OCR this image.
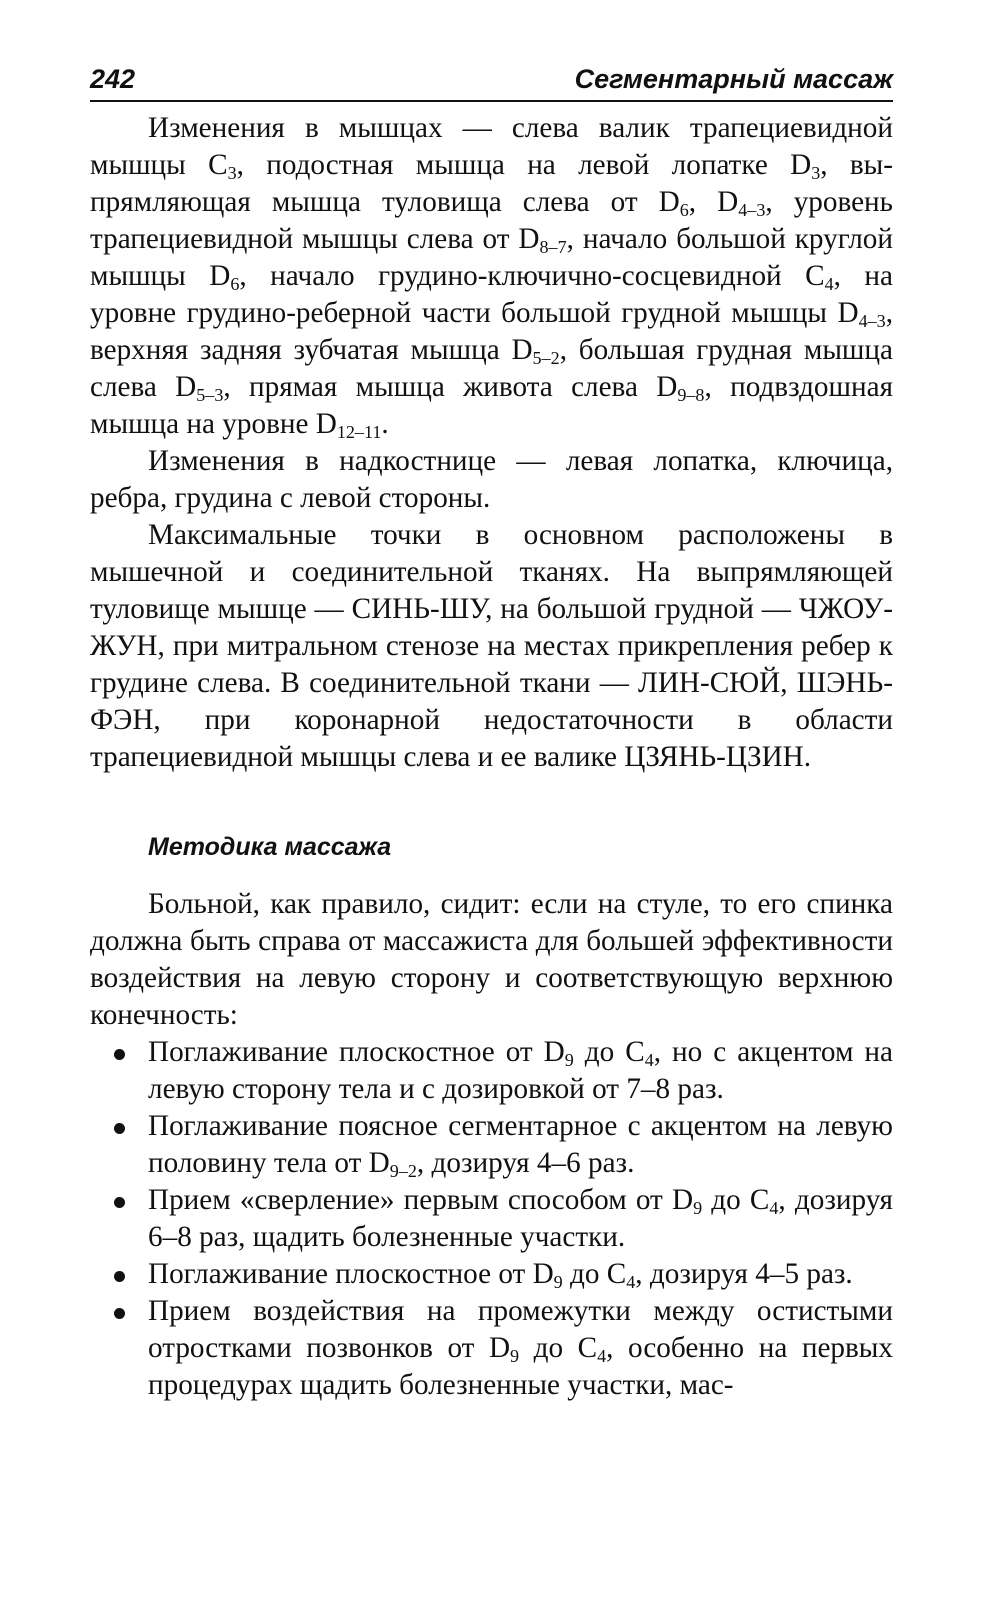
242	Сегментарный массаж

Изменения в мышцах — слева валик трапециевидной мышцы С3, подостная мышца на левой лопатке D3, выпрямляющая мышца туловища слева от D6, D4–3, уровень трапециевидной мышцы слева от D8–7, начало большой круглой мышцы D6, начало грудино-ключично-сосцевидной С4, на уровне грудино-реберной части большой грудной мышцы D4–3, верхняя задняя зубчатая мышца D5–2, большая грудная мышца слева D5–3, прямая мышца живота слева D9–8, подвздошная мышца на уровне D12–11.

Изменения в надкостнице — левая лопатка, ключица, ребра, грудина с левой стороны.

Максимальные точки в основном расположены в мышечной и соединительной тканях. На выпрямляющей туловище мышце — СИНЬ-ШУ, на большой грудной — ЧЖОУ-ЖУН, при митральном стенозе на местах прикрепления ребер к грудине слева. В соединительной ткани — ЛИН-СЮЙ, ШЭНЬ-ФЭН, при коронарной недостаточности в области трапециевидной мышцы слева и ее валике ЦЗЯНЬ-ЦЗИН.

Методика массажа

Больной, как правило, сидит: если на стуле, то его спинка должна быть справа от массажиста для большей эффективности воздействия на левую сторону и соответствующую верхнюю конечность:

Поглаживание плоскостное от D9 до С4, но с акцентом на левую сторону тела и с дозировкой от 7–8 раз.
Поглаживание поясное сегментарное с акцентом на левую половину тела от D9–2, дозируя 4–6 раз.
Прием «сверление» первым способом от D9 до С4, дозируя 6–8 раз, щадить болезненные участки.
Поглаживание плоскостное от D9 до С4, дозируя 4–5 раз.
Прием воздействия на промежутки между остистыми отростками позвонков от D9 до С4, особенно на первых процедурах щадить болезненные участки, мас-
